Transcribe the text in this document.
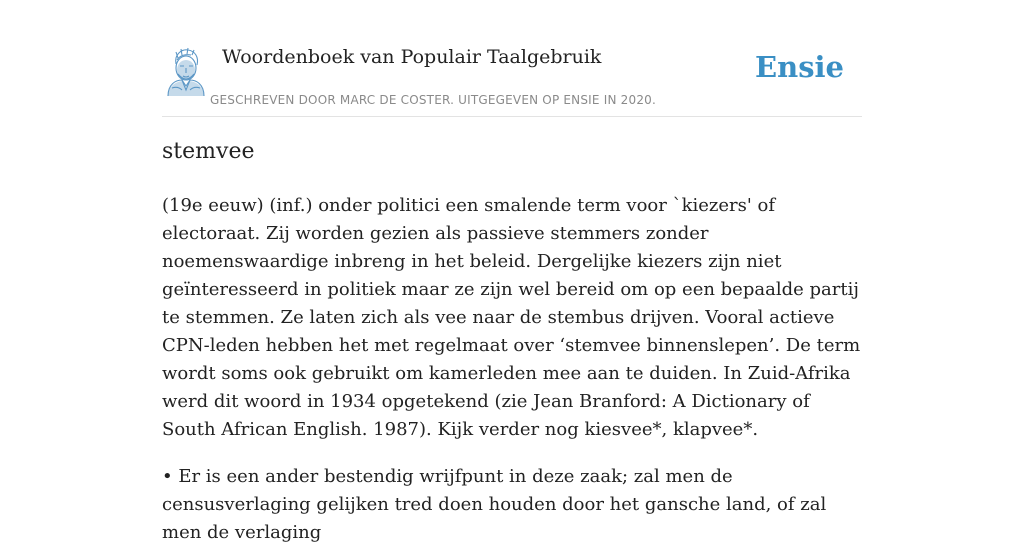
Woordenboek van Populair Taalgebruik
GESCHREVEN DOOR MARC DE COSTER. UITGEGEVEN OP ENSIE IN 2020.
Ensie
stemvee

(19e eeuw) (inf.) onder politici een smalende term voor `kiezers' of electoraat. Zij worden gezien als passieve stemmers zonder noemenswaardige inbreng in het beleid. Dergelijke kiezers zijn niet geïnteresseerd in politiek maar ze zijn wel bereid om op een bepaalde partij te stemmen. Ze laten zich als vee naar de stembus drijven. Vooral actieve CPN-leden hebben het met regelmaat over ‘stemvee binnenslepen’. De term wordt soms ook gebruikt om kamerleden mee aan te duiden. In Zuid-Afrika werd dit woord in 1934 opgetekend (zie Jean Branford: A Dictionary of South African English. 1987). Kijk verder nog kiesvee*, klapvee*.

• Er is een ander bestendig wrijfpunt in deze zaak; zal men de censusverlaging gelijken tred doen houden door het gansche land, of zal men de verlaging
